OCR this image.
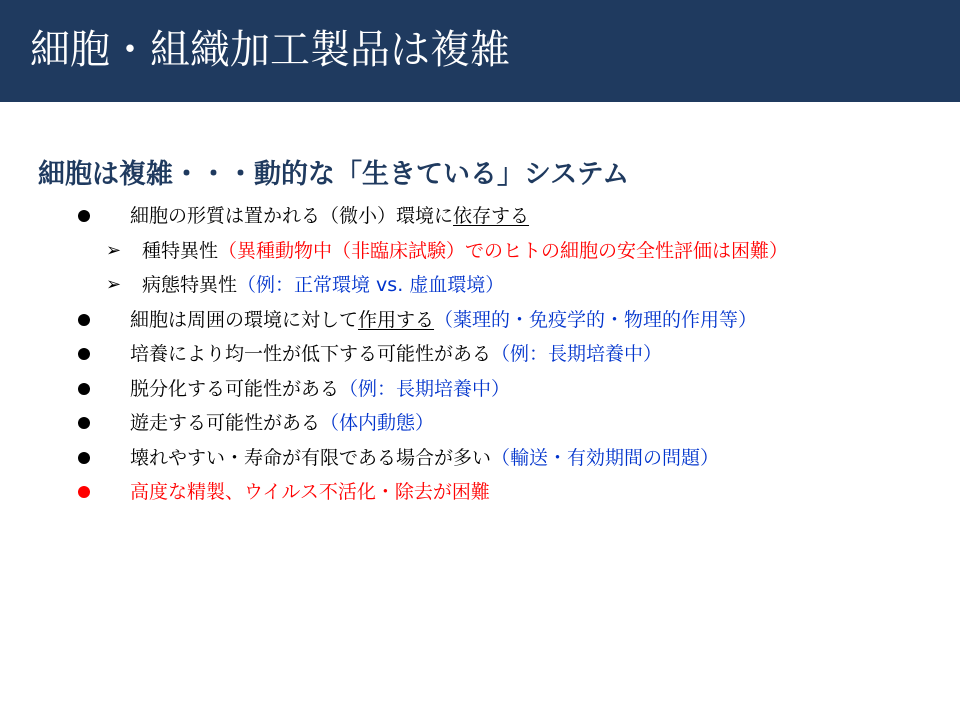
細胞・組織加工製品は複雑
細胞は複雑・・・動的な「生きている」システム
細胞の形質は置かれる（微小）環境に依存する
➢ 種特異性（異種動物中（非臨床試験）でのヒトの細胞の安全性評価は困難）
➢ 病態特異性（例：正常環境 vs. 虚血環境）
細胞は周囲の環境に対して作用する（薬理的・免疫学的・物理的作用等）
培養により均一性が低下する可能性がある（例：長期培養中）
脱分化する可能性がある（例：長期培養中）
遊走する可能性がある（体内動態）
壊れやすい・寿命が有限である場合が多い（輸送・有効期間の問題）
高度な精製、ウイルス不活化・除去が困難
